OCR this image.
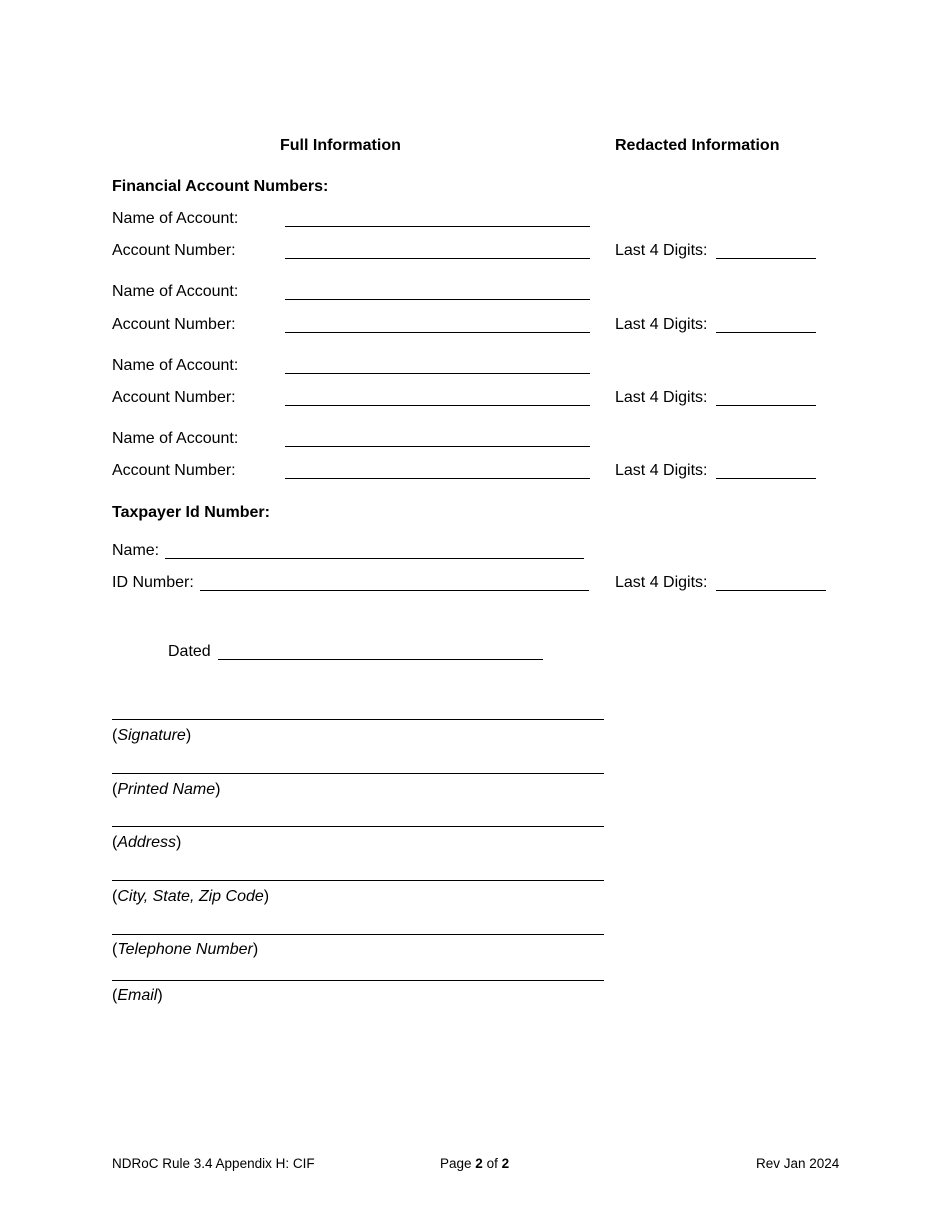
Full Information	Redacted Information
Financial Account Numbers:
Name of Account:
Account Number:	Last 4 Digits:
Name of Account:
Account Number:	Last 4 Digits:
Name of Account:
Account Number:	Last 4 Digits:
Name of Account:
Account Number:	Last 4 Digits:
Taxpayer Id Number:
Name:
ID Number:	Last 4 Digits:
Dated
(Signature)
(Printed Name)
(Address)
(City, State, Zip Code)
(Telephone Number)
(Email)
NDRoC Rule 3.4 Appendix H: CIF	Page 2 of 2	Rev Jan 2024
